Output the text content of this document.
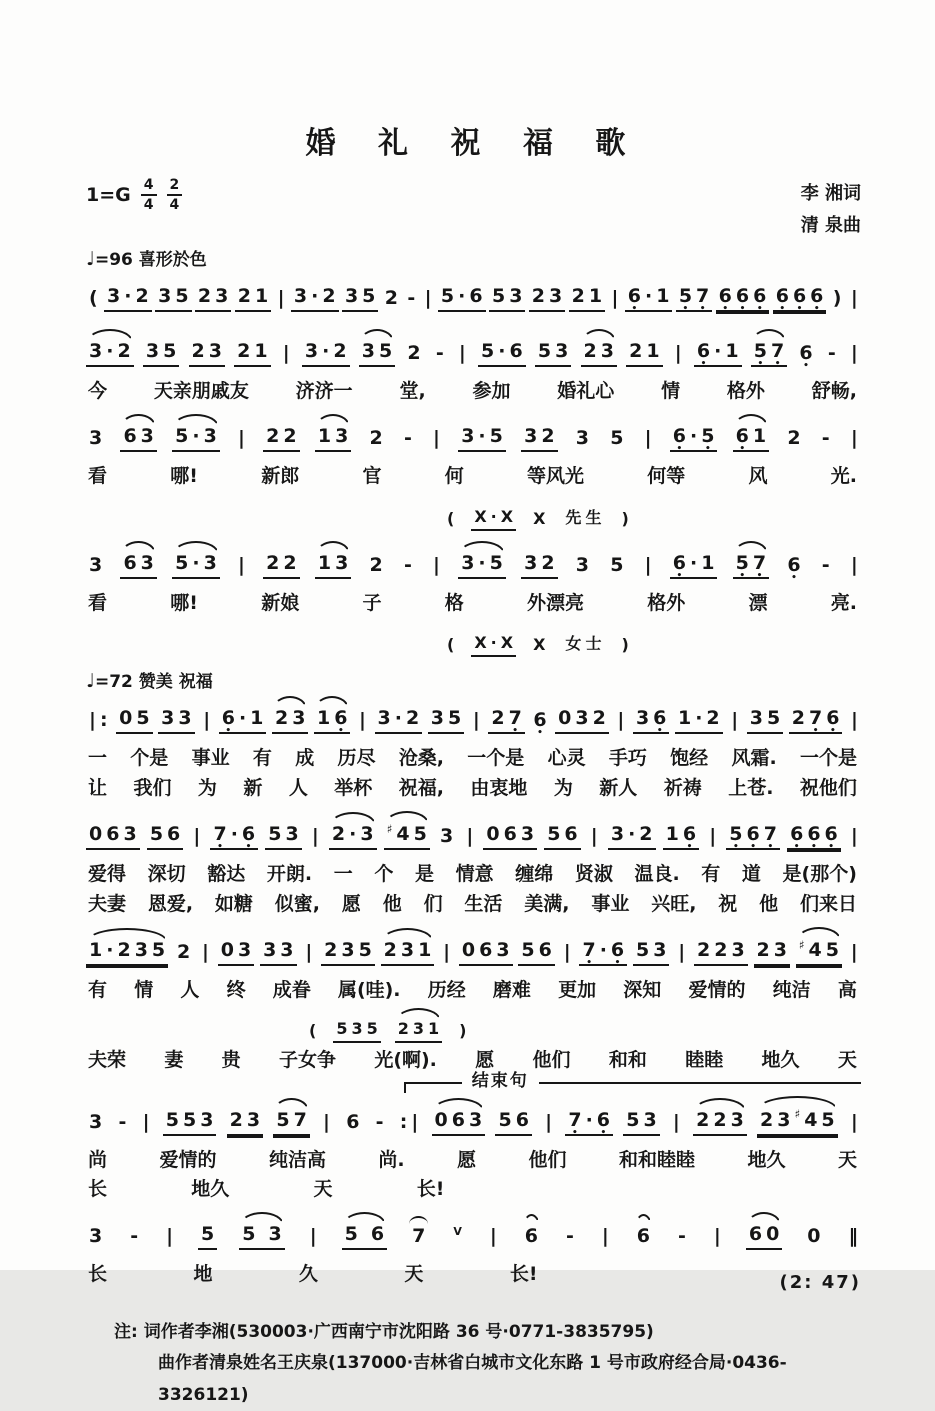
婚 礼 祝 福 歌
$1=G \frac{4}{4} \frac{2}{4}$	李 湘词
清 泉曲
♩=96 喜形於色
( 3 · 2 3 5 2 3 2 1 | 3 · 2 3 5 2 - | 5 · 6 5 3 2 3 2 1 | 6 • · 1 5 • 7 • 6 • 6 • 6 • 6 • 6 • 6 • ) |
3 · 2 3 5 2 3 2 1 | 3 · 2 3 5 2 - | 5 · 6 5 3 2 3 2 1 | 6 • · 1 5 • 7 • 6 • - |
今 天亲朋戚友 济济一 堂, 参加 婚礼心 情 格外 舒畅,
3 6 3 5 · 3 | 2 2 1 3 2 - | 3 · 5 3 2 3 5 | 6 • · 5 • 6 • 1 2 - |
看	哪!	新郎	官	何	等风光	何等	风	光.
( X · X X 先 生 )
3 6 3 5 · 3 | 2 2 1 3 2 - | 3 · 5 3 2 3 5 | 6 • · 1 5 • 7 • 6 • - |
看	哪!	新娘	子	格	外漂亮	格外	漂	亮.
( X · X X 女 士 )
♩=72 赞美 祝福
| : 0 5 3 3 | 6 • · 1 2 3 1 6 • | 3 · 2 3 5 | 2 7 • 6 • 0 3 2 | 3 6 • 1 · 2 | 3 5 2 7 • 6 • |
一 个是 事业 有 成 历尽 沧桑, 一个是 心灵 手巧 饱经 风霜. 一个是
让 我们 为 新 人 举杯 祝福, 由衷地 为 新人 祈祷 上苍. 祝他们
0 6 3 5 6 | 7 • · 6 • 5 3 | 2 · 3 ♯ 4 5 3 | 0 6 3 5 6 | 3 · 2 1 6 • | 5 • 6 • 7 • 6 • 6 • 6 • |
爱得 深切 豁达 开朗. 一 个 是 情意 缠绵 贤淑 温良. 有 道 是(那个)
夫妻 恩爱, 如糖 似蜜, 愿 他 们 生活 美满, 事业 兴旺, 祝 他 们来日
1 · 2 3 5 2 | 0 3 3 3 | 2 3 5 2 3 1 | 0 6 3 5 6 | 7 • · 6 • 5 3 | 2 2 3 2 3 ♯ 4 5 |
有 情 人 终 成眷 属(哇). 历经 磨难 更加 深知 爱情的 纯洁 高
( 5 3 5 2 3 1 )
夫荣 妻 贵 子女争 光(啊). 愿 他们 和和 睦睦 地久 天
结束句
3 - | 5 5 3 2 3 5 7 | 6 - : | 0 6 3 5 6 | 7 • · 6 • 5 3 | 2 2 3 2 3 ♯ 4 5 |
尚	爱情的	纯洁高	尚.	愿	他们	和和睦睦	地久	天
长	地久	天	长!
3 - | 5 5 3 | 5 6 7	V | 6 - | 6 - | 6 0 0 ‖
长	地	久	天	长!	(2: 47)
注: 词作者李湘(530003·广西南宁市沈阳路 36 号·0771-3835795)
曲作者清泉姓名王庆泉(137000·吉林省白城市文化东路 1 号市政府经合局·0436-3326121)
